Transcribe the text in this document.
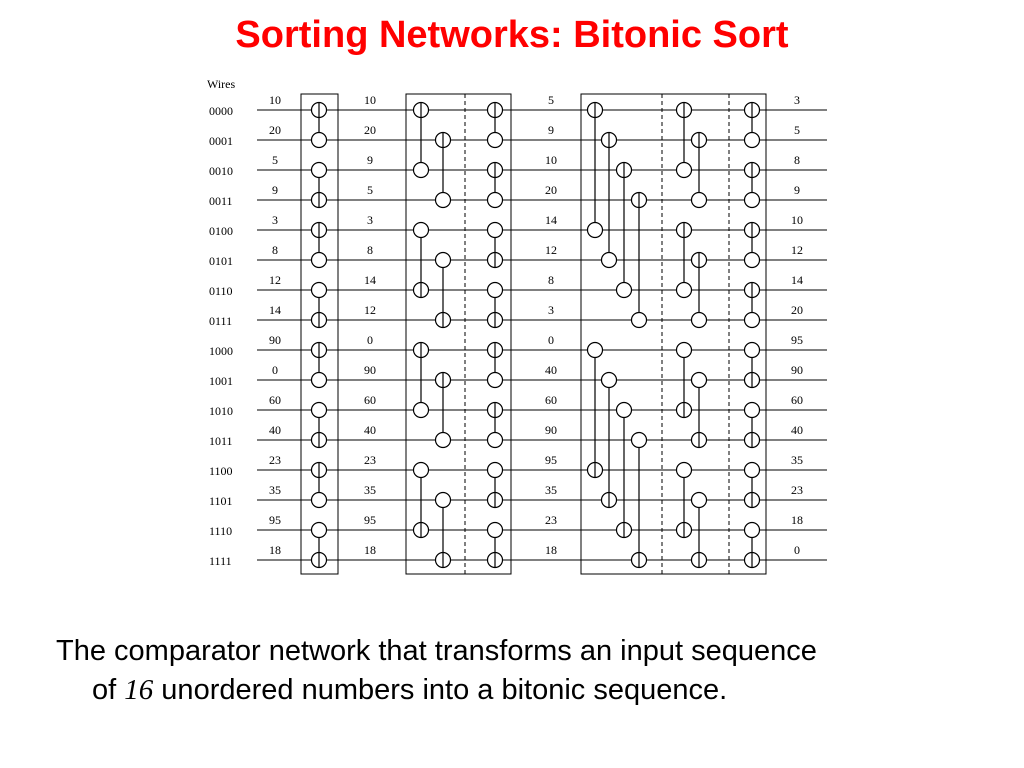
Sorting Networks: Bitonic Sort
Wires
0000
0001
0010
0011
0100
0101
0110
0111
1000
1001
1010
1011
1100
1101
1110
1111
10
20
5
9
3
8
12
14
90
0
60
40
23
35
95
18
10
20
9
5
3
8
14
12
0
90
60
40
23
35
95
18
5
9
10
20
14
12
8
3
0
40
60
90
95
35
23
18
3
5
8
9
10
12
14
20
95
90
60
40
35
23
18
0
The comparator network that transforms an input sequence
of 16 unordered numbers into a bitonic sequence.
